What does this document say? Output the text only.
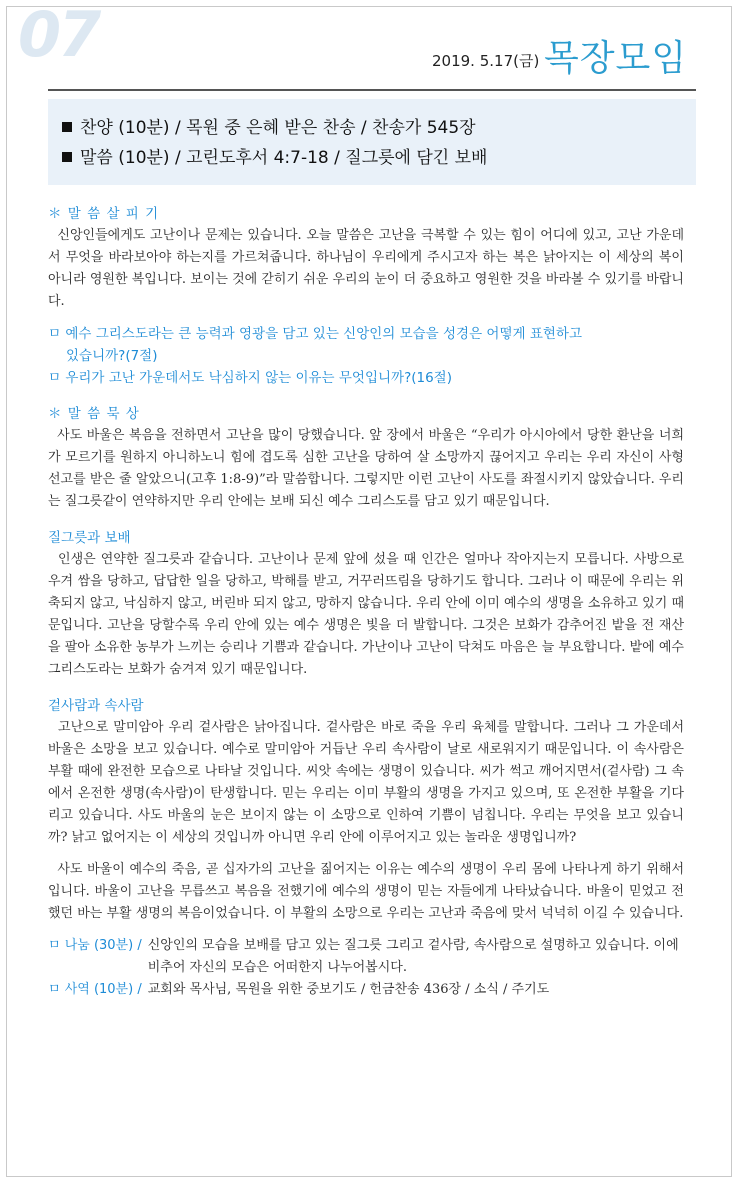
07	2019. 5.17(금) 목장모임
찬양 (10분) / 목원 중 은혜 받은 찬송 / 찬송가 545장
말씀 (10분) / 고린도후서 4:7-18 / 질그릇에 담긴 보배
＊ 말 씀 살 피 기

신앙인들에게도 고난이나 문제는 있습니다. 오늘 말씀은 고난을 극복할 수 있는 힘이 어디에 있고, 고난 가운데서 무엇을 바라보아야 하는지를 가르쳐줍니다. 하나님이 우리에게 주시고자 하는 복은 낡아지는 이 세상의 복이 아니라 영원한 복입니다. 보이는 것에 갇히기 쉬운 우리의 눈이 더 중요하고 영원한 것을 바라볼 수 있기를 바랍니다.

ㅁ 예수 그리스도라는 큰 능력과 영광을 담고 있는 신앙인의 모습을 성경은 어떻게 표현하고
있습니까?(7절)
ㅁ 우리가 고난 가운데서도 낙심하지 않는 이유는 무엇입니까?(16절)
＊ 말 씀 묵 상

사도 바울은 복음을 전하면서 고난을 많이 당했습니다. 앞 장에서 바울은 “우리가 아시아에서 당한 환난을 너희가 모르기를 원하지 아니하노니 힘에 겹도록 심한 고난을 당하여 살 소망까지 끊어지고 우리는 우리 자신이 사형 선고를 받은 줄 알았으니(고후 1:8-9)”라 말씀합니다. 그렇지만 이런 고난이 사도를 좌절시키지 않았습니다. 우리는 질그릇같이 연약하지만 우리 안에는 보배 되신 예수 그리스도를 담고 있기 때문입니다.

질그릇과 보배

인생은 연약한 질그릇과 같습니다. 고난이나 문제 앞에 섰을 때 인간은 얼마나 작아지는지 모릅니다. 사방으로 우겨 쌈을 당하고, 답답한 일을 당하고, 박해를 받고, 거꾸러뜨림을 당하기도 합니다. 그러나 이 때문에 우리는 위축되지 않고, 낙심하지 않고, 버린바 되지 않고, 망하지 않습니다. 우리 안에 이미 예수의 생명을 소유하고 있기 때문입니다. 고난을 당할수록 우리 안에 있는 예수 생명은 빛을 더 발합니다. 그것은 보화가 감추어진 밭을 전 재산을 팔아 소유한 농부가 느끼는 승리나 기쁨과 같습니다. 가난이나 고난이 닥쳐도 마음은 늘 부요합니다. 밭에 예수 그리스도라는 보화가 숨겨져 있기 때문입니다.

겉사람과 속사람

고난으로 말미암아 우리 겉사람은 낡아집니다. 겉사람은 바로 죽을 우리 육체를 말합니다. 그러나 그 가운데서 바울은 소망을 보고 있습니다. 예수로 말미암아 거듭난 우리 속사람이 날로 새로워지기 때문입니다. 이 속사람은 부활 때에 완전한 모습으로 나타날 것입니다. 씨앗 속에는 생명이 있습니다. 씨가 썩고 깨어지면서(겉사람) 그 속에서 온전한 생명(속사람)이 탄생합니다. 믿는 우리는 이미 부활의 생명을 가지고 있으며, 또 온전한 부활을 기다리고 있습니다. 사도 바울의 눈은 보이지 않는 이 소망으로 인하여 기쁨이 넘칩니다. 우리는 무엇을 보고 있습니까? 낡고 없어지는 이 세상의 것입니까 아니면 우리 안에 이루어지고 있는 놀라운 생명입니까?

사도 바울이 예수의 죽음, 곧 십자가의 고난을 짊어지는 이유는 예수의 생명이 우리 몸에 나타나게 하기 위해서입니다. 바울이 고난을 무릅쓰고 복음을 전했기에 예수의 생명이 믿는 자들에게 나타났습니다. 바울이 믿었고 전했던 바는 부활 생명의 복음이었습니다. 이 부활의 소망으로 우리는 고난과 죽음에 맞서 넉넉히 이길 수 있습니다.

ㅁ 나눔 (30분) / 신앙인의 모습을 보배를 담고 있는 질그릇 그리고 겉사람, 속사람으로 설명하고 있습니다. 이에 비추어 자신의 모습은 어떠한지 나누어봅시다.
ㅁ 사역 (10분) / 교회와 목사님, 목원을 위한 중보기도 / 헌금찬송 436장 / 소식 / 주기도
